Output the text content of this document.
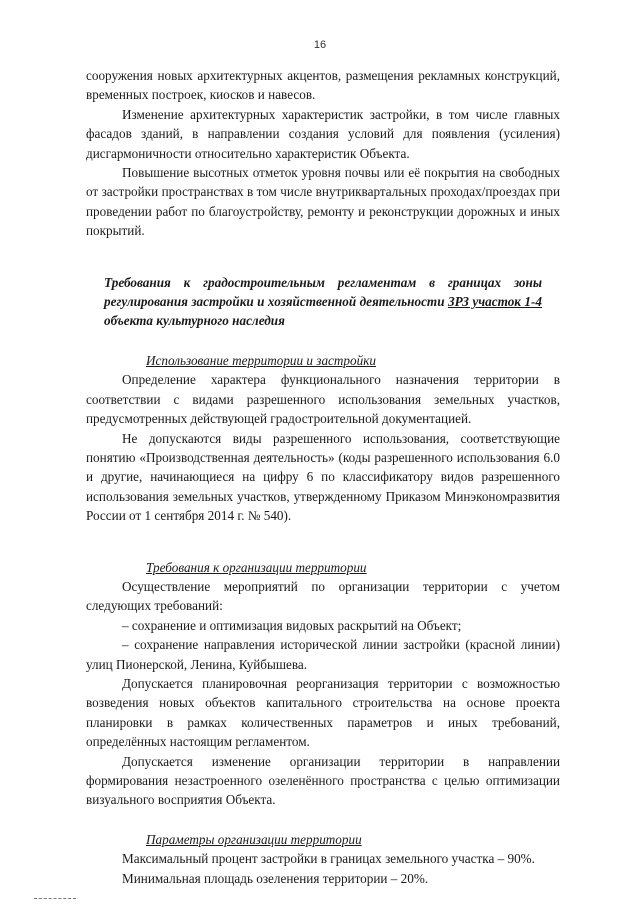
16

сооружения новых архитектурных акцентов, размещения рекламных конструкций, временных построек, киосков и навесов.

Изменение архитектурных характеристик застройки, в том числе главных фасадов зданий, в направлении создания условий для появления (усиления) дисгармоничности относительно характеристик Объекта.

Повышение высотных отметок уровня почвы или её покрытия на свободных от застройки пространствах в том числе внутриквартальных проходах/проездах при проведении работ по благоустройству, ремонту и реконструкции дорожных и иных покрытий.

Требования к градостроительным регламентам в границах зоны регулирования застройки и хозяйственной деятельности ЗРЗ участок 1-4 объекта культурного наследия

Использование территории и застройки

Определение характера функционального назначения территории в соответствии с видами разрешенного использования земельных участков, предусмотренных действующей градостроительной документацией.

Не допускаются виды разрешенного использования, соответствующие понятию «Производственная деятельность» (коды разрешенного использования 6.0 и другие, начинающиеся на цифру 6 по классификатору видов разрешенного использования земельных участков, утвержденному Приказом Минэкономразвития России от 1 сентября 2014 г. № 540).

Требования к организации территории

Осуществление мероприятий по организации территории с учетом следующих требований:

– сохранение и оптимизация видовых раскрытий на Объект;

– сохранение направления исторической линии застройки (красной линии) улиц Пионерской, Ленина, Куйбышева.

Допускается планировочная реорганизация территории с возможностью возведения новых объектов капитального строительства на основе проекта планировки в рамках количественных параметров и иных требований, определённых настоящим регламентом.

Допускается изменение организации территории в направлении формирования незастроенного озеленённого пространства с целью оптимизации визуального восприятия Объекта.

Параметры организации территории

Максимальный процент застройки в границах земельного участка – 90%.

Минимальная площадь озеленения территории – 20%.
